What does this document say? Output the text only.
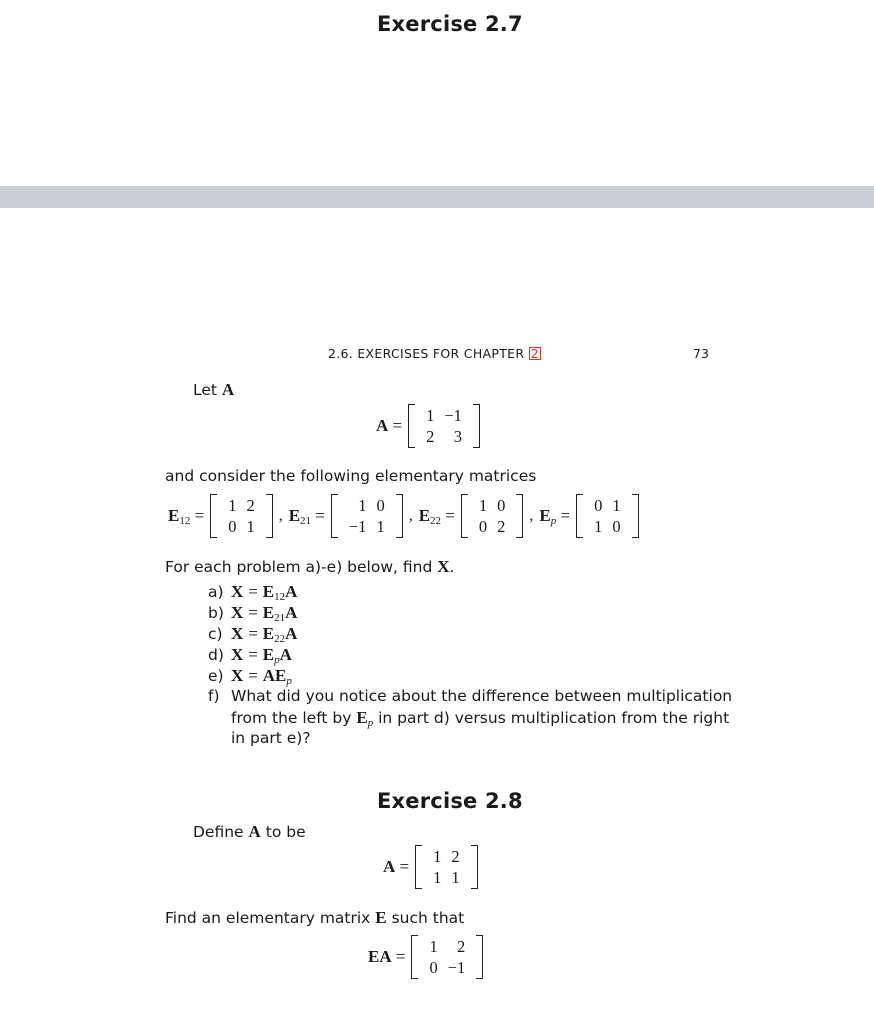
Exercise 2.7
2.6. EXERCISES FOR CHAPTER 2	73
Let A
A =
1 −1
2	3
and consider the following elementary matrices
$E_{12}$ =	1 2
0 1
, $E_{21}$ =	1 0
−1 1
, $E_{22}$ =	1 0
0 2
, $E_p$ =	0 1
1 0
For each problem a)-e) below, find X.
a) $X = E_{12}A$
b) $X = E_{21}A$
c) $X = E_{22}A$
d) $X = E_pA$
e) $X = AE_p$
f) What did you notice about the difference between multiplication
from the left by $E_p$ in part d) versus multiplication from the right
in part e)?
Exercise 2.8
Define A to be
A =
1 2
1 1
Find an elementary matrix E such that
EA =
1	2
0 −1
